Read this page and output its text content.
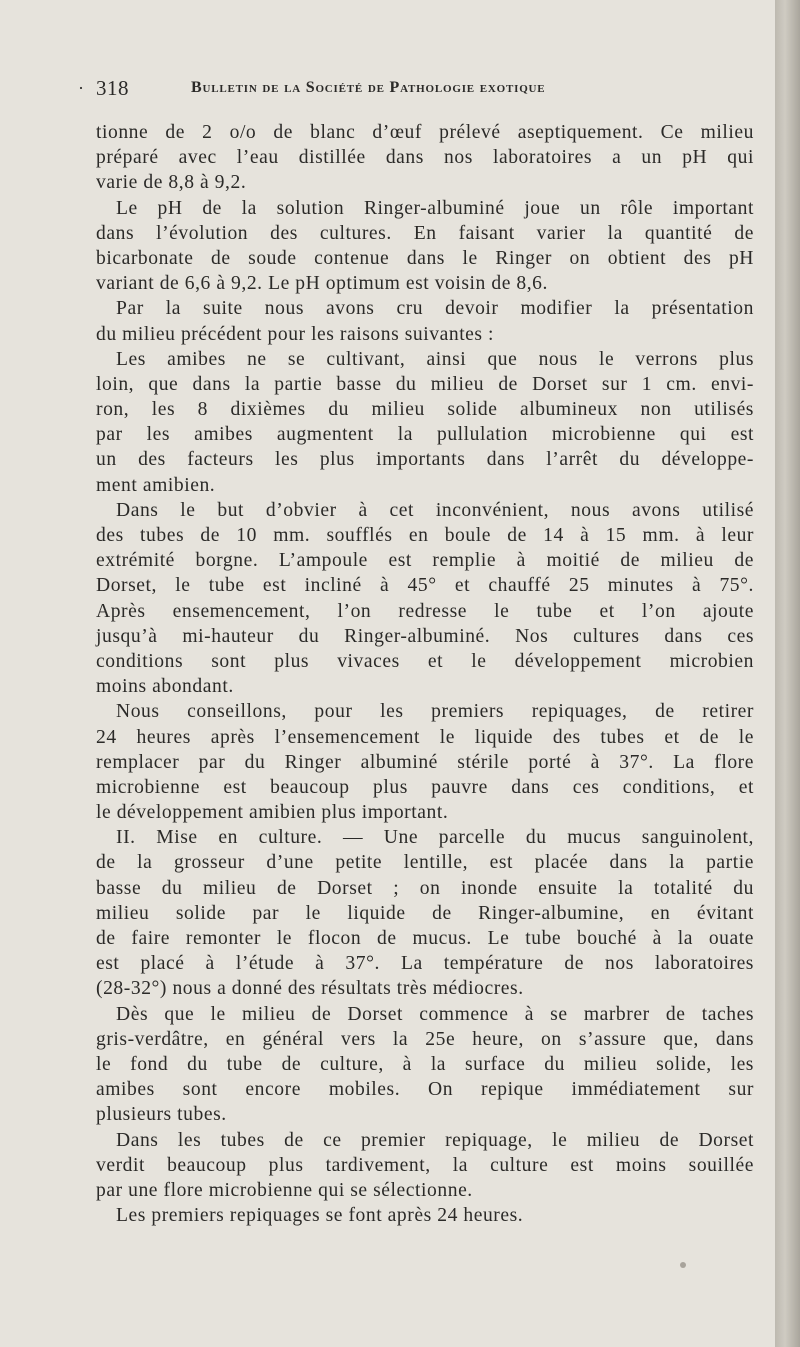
· 318	Bulletin de la Société de Pathologie exotique
tionne de 2 o/o de blanc d’œuf prélevé aseptiquement. Ce milieu
préparé avec l’eau distillée dans nos laboratoires a un pH qui
varie de 8,8 à 9,2.
Le pH de la solution Ringer-albuminé joue un rôle important
dans l’évolution des cultures. En faisant varier la quantité de
bicarbonate de soude contenue dans le Ringer on obtient des pH
variant de 6,6 à 9,2. Le pH optimum est voisin de 8,6.
Par la suite nous avons cru devoir modifier la présentation
du milieu précédent pour les raisons suivantes :
Les amibes ne se cultivant, ainsi que nous le verrons plus
loin, que dans la partie basse du milieu de Dorset sur 1 cm. envi-
ron, les 8 dixièmes du milieu solide albumineux non utilisés
par les amibes augmentent la pullulation microbienne qui est
un des facteurs les plus importants dans l’arrêt du développe-
ment amibien.
Dans le but d’obvier à cet inconvénient, nous avons utilisé
des tubes de 10 mm. soufflés en boule de 14 à 15 mm. à leur
extrémité borgne. L’ampoule est remplie à moitié de milieu de
Dorset, le tube est incliné à 45° et chauffé 25 minutes à 75°.
Après ensemencement, l’on redresse le tube et l’on ajoute
jusqu’à mi-hauteur du Ringer-albuminé. Nos cultures dans ces
conditions sont plus vivaces et le développement microbien
moins abondant.
Nous conseillons, pour les premiers repiquages, de retirer
24 heures après l’ensemencement le liquide des tubes et de le
remplacer par du Ringer albuminé stérile porté à 37°. La flore
microbienne est beaucoup plus pauvre dans ces conditions, et
le développement amibien plus important.
II. Mise en culture. — Une parcelle du mucus sanguinolent,
de la grosseur d’une petite lentille, est placée dans la partie
basse du milieu de Dorset ; on inonde ensuite la totalité du
milieu solide par le liquide de Ringer-albumine, en évitant
de faire remonter le flocon de mucus. Le tube bouché à la ouate
est placé à l’étude à 37°. La température de nos laboratoires
(28-32°) nous a donné des résultats très médiocres.
Dès que le milieu de Dorset commence à se marbrer de taches
gris-verdâtre, en général vers la 25e heure, on s’assure que, dans
le fond du tube de culture, à la surface du milieu solide, les
amibes sont encore mobiles. On repique immédiatement sur
plusieurs tubes.
Dans les tubes de ce premier repiquage, le milieu de Dorset
verdit beaucoup plus tardivement, la culture est moins souillée
par une flore microbienne qui se sélectionne.
Les premiers repiquages se font après 24 heures.
